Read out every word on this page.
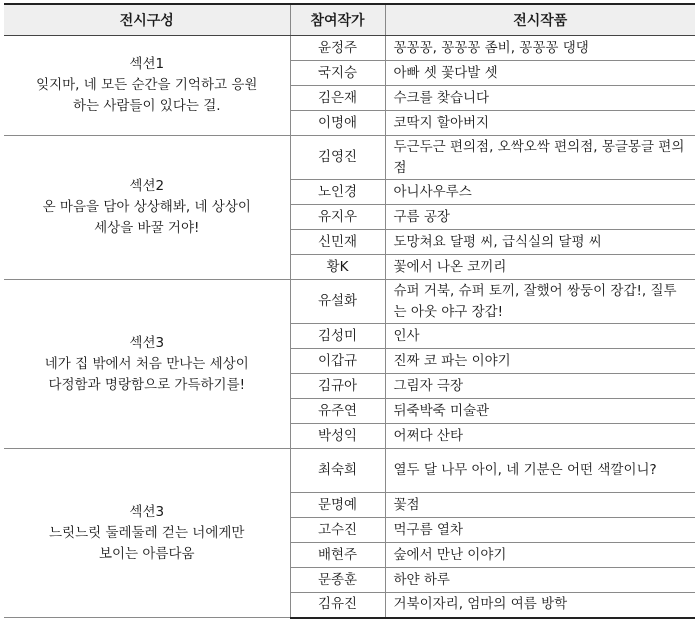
전시구성	참여작가	전시작품

섹션1
잊지마, 네 모든 순간을 기억하고 응원
하는 사람들이 있다는 걸.	윤정주	꽁꽁꽁, 꽁꽁꽁 좀비, 꽁꽁꽁 댕댕
	국지승	아빠 셋 꽃다발 셋
	김은재	수크를 찾습니다
	이명애	코딱지 할아버지

섹션2
온 마음을 담아 상상해봐, 네 상상이
세상을 바꿀 거야!	김영진	두근두근 편의점, 오싹오싹 편의점, 몽글몽글 편의점
	노인경	아니사우루스
	유지우	구름 공장
	신민재	도망쳐요 달평 씨, 급식실의 달평 씨
	황K	꽃에서 나온 코끼리

섹션3
네가 집 밖에서 처음 만나는 세상이
다정함과 명랑함으로 가득하기를!	유설화	슈퍼 거북, 슈퍼 토끼, 잘했어 쌍둥이 장갑!, 질투는 아웃 야구 장갑!
	김성미	인사
	이갑규	진짜 코 파는 이야기
	김규아	그림자 극장
	유주연	뒤죽박죽 미술관
	박성익	어쩌다 산타

섹션3
느릿느릿 둘레둘레 걷는 너에게만
보이는 아름다움	최숙희	열두 달 나무 아이, 네 기분은 어떤 색깔이니?
	문명예	꽃점
	고수진	먹구름 열차
	배현주	숲에서 만난 이야기
	문종훈	하얀 하루
	김유진	거북이자리, 엄마의 여름 방학
